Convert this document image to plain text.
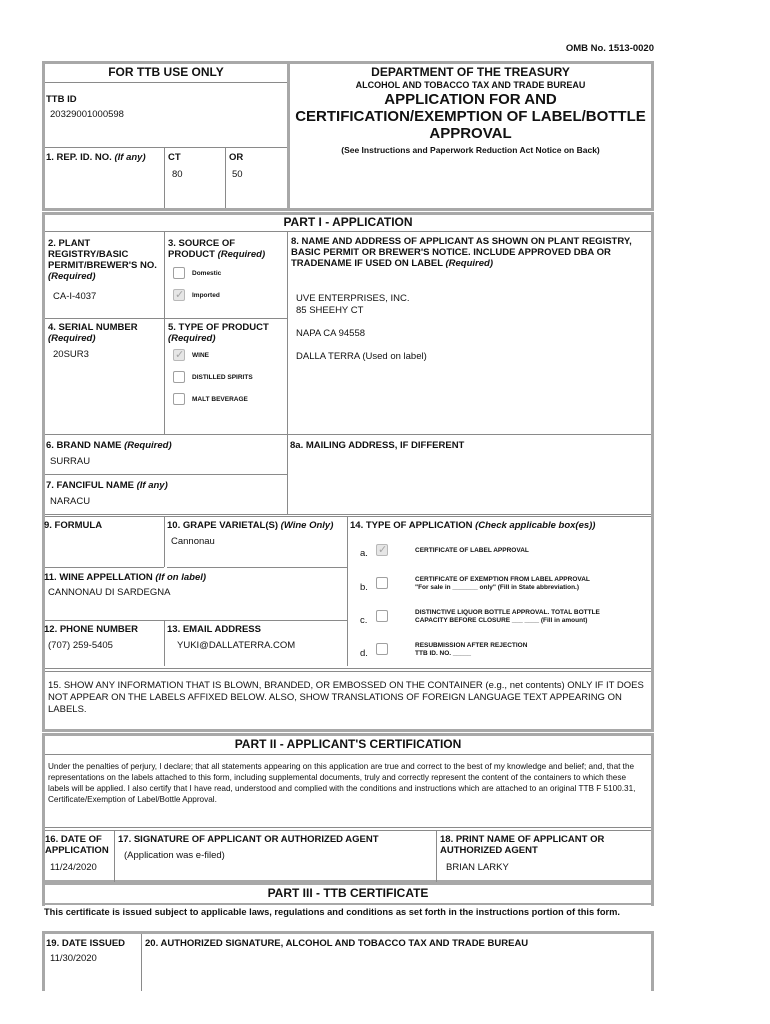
OMB No. 1513-0020
FOR TTB USE ONLY
TTB ID
20329001000598
1. REP. ID. NO. (If any)	CT
80
OR
50
DEPARTMENT OF THE TREASURY
ALCOHOL AND TOBACCO TAX AND TRADE BUREAU
APPLICATION FOR AND
CERTIFICATION/EXEMPTION OF LABEL/BOTTLE
APPROVAL
(See Instructions and Paperwork Reduction Act Notice on Back)
PART I - APPLICATION
2. PLANT REGISTRY/BASIC PERMIT/BREWER'S NO. (Required)
CA-I-4037
3. SOURCE OF PRODUCT (Required)
Domestic
✓
Imported
8. NAME AND ADDRESS OF APPLICANT AS SHOWN ON PLANT REGISTRY, BASIC PERMIT OR BREWER'S NOTICE. INCLUDE APPROVED DBA OR TRADENAME IF USED ON LABEL (Required)
UVE ENTERPRISES, INC.
85 SHEEHY CT
NAPA CA 94558
DALLA TERRA (Used on label)
4. SERIAL NUMBER
(Required)
20SUR3
5. TYPE OF PRODUCT
(Required)
✓
WINE
DISTILLED SPIRITS
MALT BEVERAGE
6. BRAND NAME (Required)
SURRAU
8a. MAILING ADDRESS, IF DIFFERENT
7. FANCIFUL NAME (If any)
NARACU
9. FORMULA	10. GRAPE VARIETAL(S) (Wine Only)
Cannonau
14. TYPE OF APPLICATION (Check applicable box(es))
a.
✓	CERTIFICATE OF LABEL APPROVAL
b.
CERTIFICATE OF EXEMPTION FROM LABEL APPROVAL
"For sale in _______ only" (Fill in State abbreviation.)
c.
DISTINCTIVE LIQUOR BOTTLE APPROVAL. TOTAL BOTTLE
CAPACITY BEFORE CLOSURE ___ ____ (Fill in amount)
d.
RESUBMISSION AFTER REJECTION
TTB ID. NO. _____
11. WINE APPELLATION (If on label)
CANNONAU DI SARDEGNA
12. PHONE NUMBER
(707) 259-5405
13. EMAIL ADDRESS
YUKI@DALLATERRA.COM
15. SHOW ANY INFORMATION THAT IS BLOWN, BRANDED, OR EMBOSSED ON THE CONTAINER (e.g., net contents) ONLY IF IT DOES NOT APPEAR ON THE LABELS AFFIXED BELOW. ALSO, SHOW TRANSLATIONS OF FOREIGN LANGUAGE TEXT APPEARING ON LABELS.
PART II - APPLICANT'S CERTIFICATION
Under the penalties of perjury, I declare; that all statements appearing on this application are true and correct to the best of my knowledge and belief; and, that the representations on the labels attached to this form, including supplemental documents, truly and correctly represent the content of the containers to which these labels will be applied. I also certify that I have read, understood and complied with the conditions and instructions which are attached to an original TTB F 5100.31, Certificate/Exemption of Label/Bottle Approval.
16. DATE OF APPLICATION
11/24/2020
17. SIGNATURE OF APPLICANT OR AUTHORIZED AGENT
(Application was e-filed)
18. PRINT NAME OF APPLICANT OR AUTHORIZED AGENT
BRIAN LARKY
PART III - TTB CERTIFICATE
This certificate is issued subject to applicable laws, regulations and conditions as set forth in the instructions portion of this form.
19. DATE ISSUED
11/30/2020
20. AUTHORIZED SIGNATURE, ALCOHOL AND TOBACCO TAX AND TRADE BUREAU
